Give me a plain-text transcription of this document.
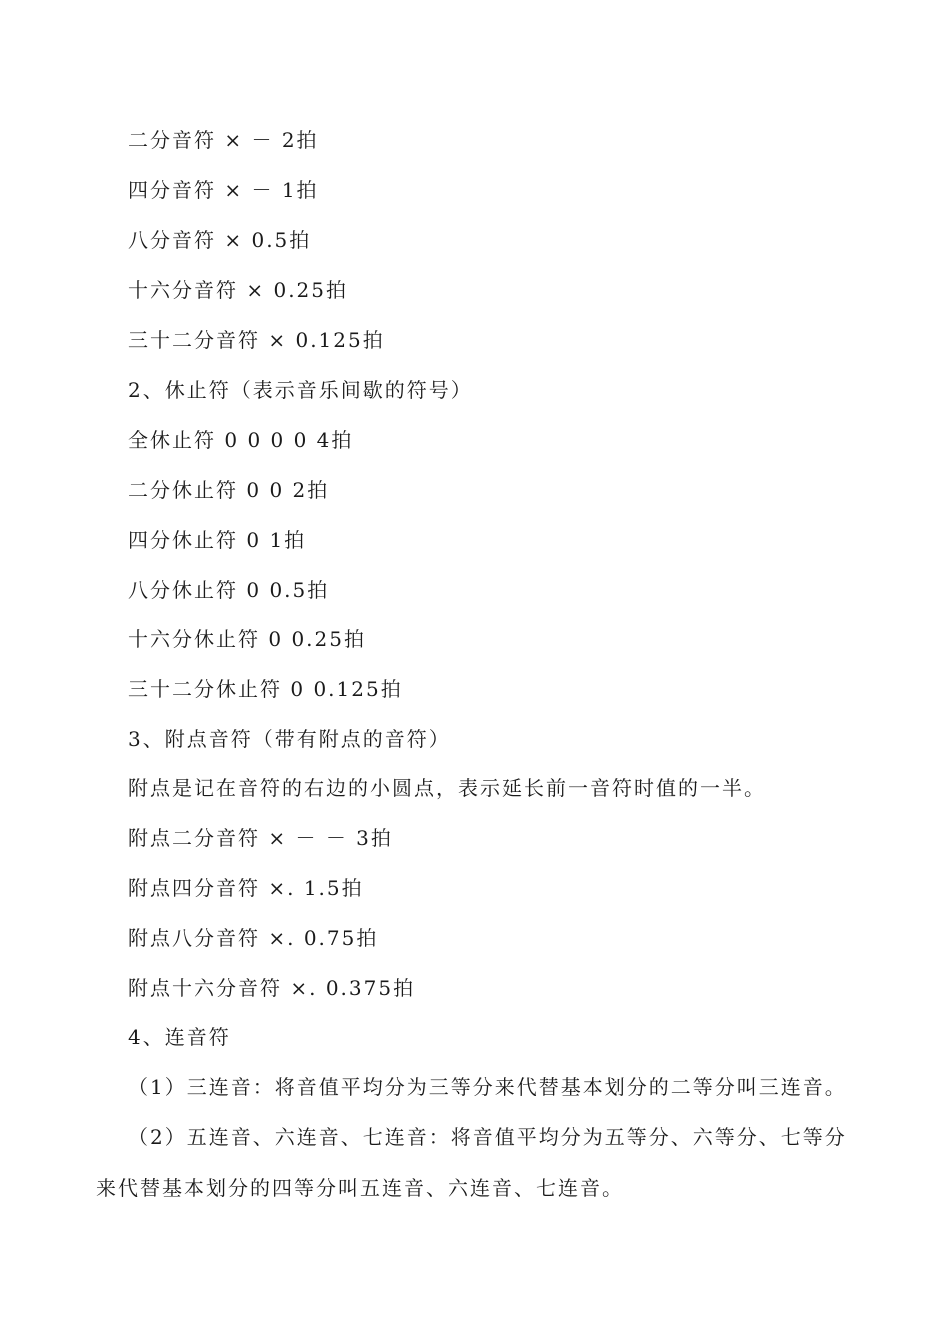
二分音符 × － 2拍
四分音符 × － 1拍
八分音符 × 0.5拍
十六分音符 × 0.25拍
三十二分音符 × 0.125拍
2、休止符（表示音乐间歇的符号）
全休止符 0 0 0 0 4拍
二分休止符 0 0 2拍
四分休止符 0 1拍
八分休止符 0 0.5拍
十六分休止符 0 0.25拍
三十二分休止符 0 0.125拍
3、附点音符（带有附点的音符）
附点是记在音符的右边的小圆点，表示延长前一音符时值的一半。
附点二分音符 × － － 3拍
附点四分音符 ×. 1.5拍
附点八分音符 ×. 0.75拍
附点十六分音符 ×. 0.375拍
4、连音符
（1）三连音：将音值平均分为三等分来代替基本划分的二等分叫三连音。
（2）五连音、六连音、七连音：将音值平均分为五等分、六等分、七等分
来代替基本划分的四等分叫五连音、六连音、七连音。
